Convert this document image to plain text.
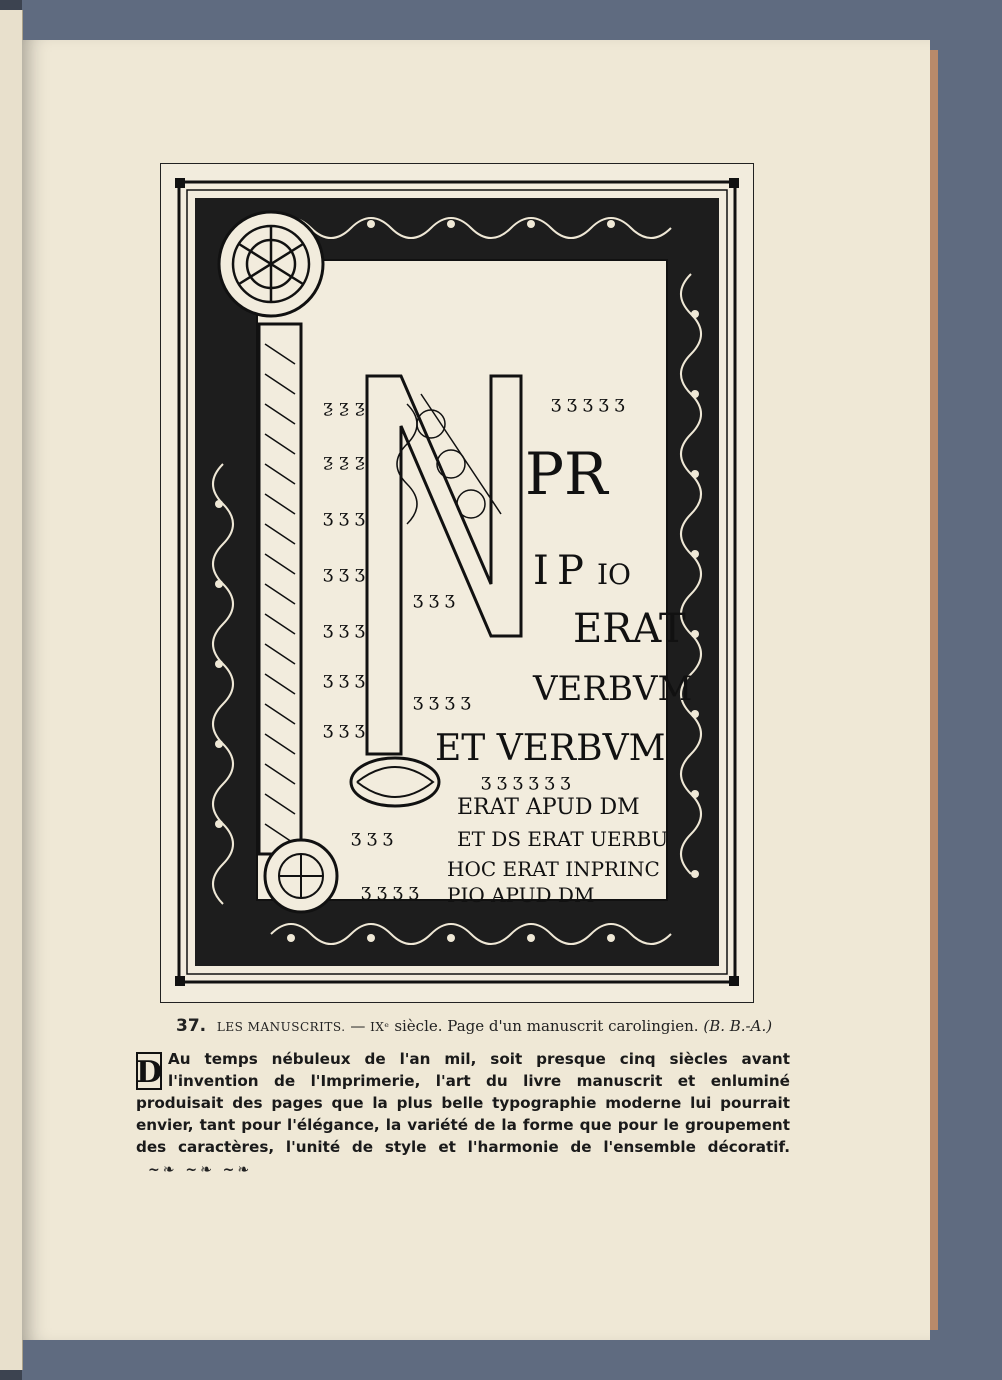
PR
I P IO
ERAT
VERBVM
ET VERBVM
ERAT APUD DM
ET DS ERAT UERBU
HOC ERAT INPRINC
PIO APUD DM
ƺ ƺ ƺ
ƺ ƺ ƺ
ʒ ʒ ʒ
ʒ ʒ ʒ
ʒ ʒ ʒ
ʒ ʒ ʒ
ʒ ʒ ʒ
ʒ ʒ ʒ ʒ ʒ
ʒ ʒ ʒ
ʒ ʒ ʒ ʒ
ʒ ʒ ʒ ʒ ʒ ʒ
ʒ ʒ ʒ
ʒ ʒ ʒ ʒ
37. LES MANUSCRITS. — IXᵉ siècle. Page d'un manuscrit carolingien. (B. B.-A.)
D Au temps nébuleux de l'an mil, soit presque cinq siècles avant l'invention de l'Imprimerie, l'art du livre manuscrit et enluminé produisait des pages que la plus belle typographie moderne lui pourrait envier, tant pour l'élégance, la variété de la forme que pour le groupement des caractères, l'unité de style et l'harmonie de l'ensemble décoratif. ~❧ ~❧ ~❧
